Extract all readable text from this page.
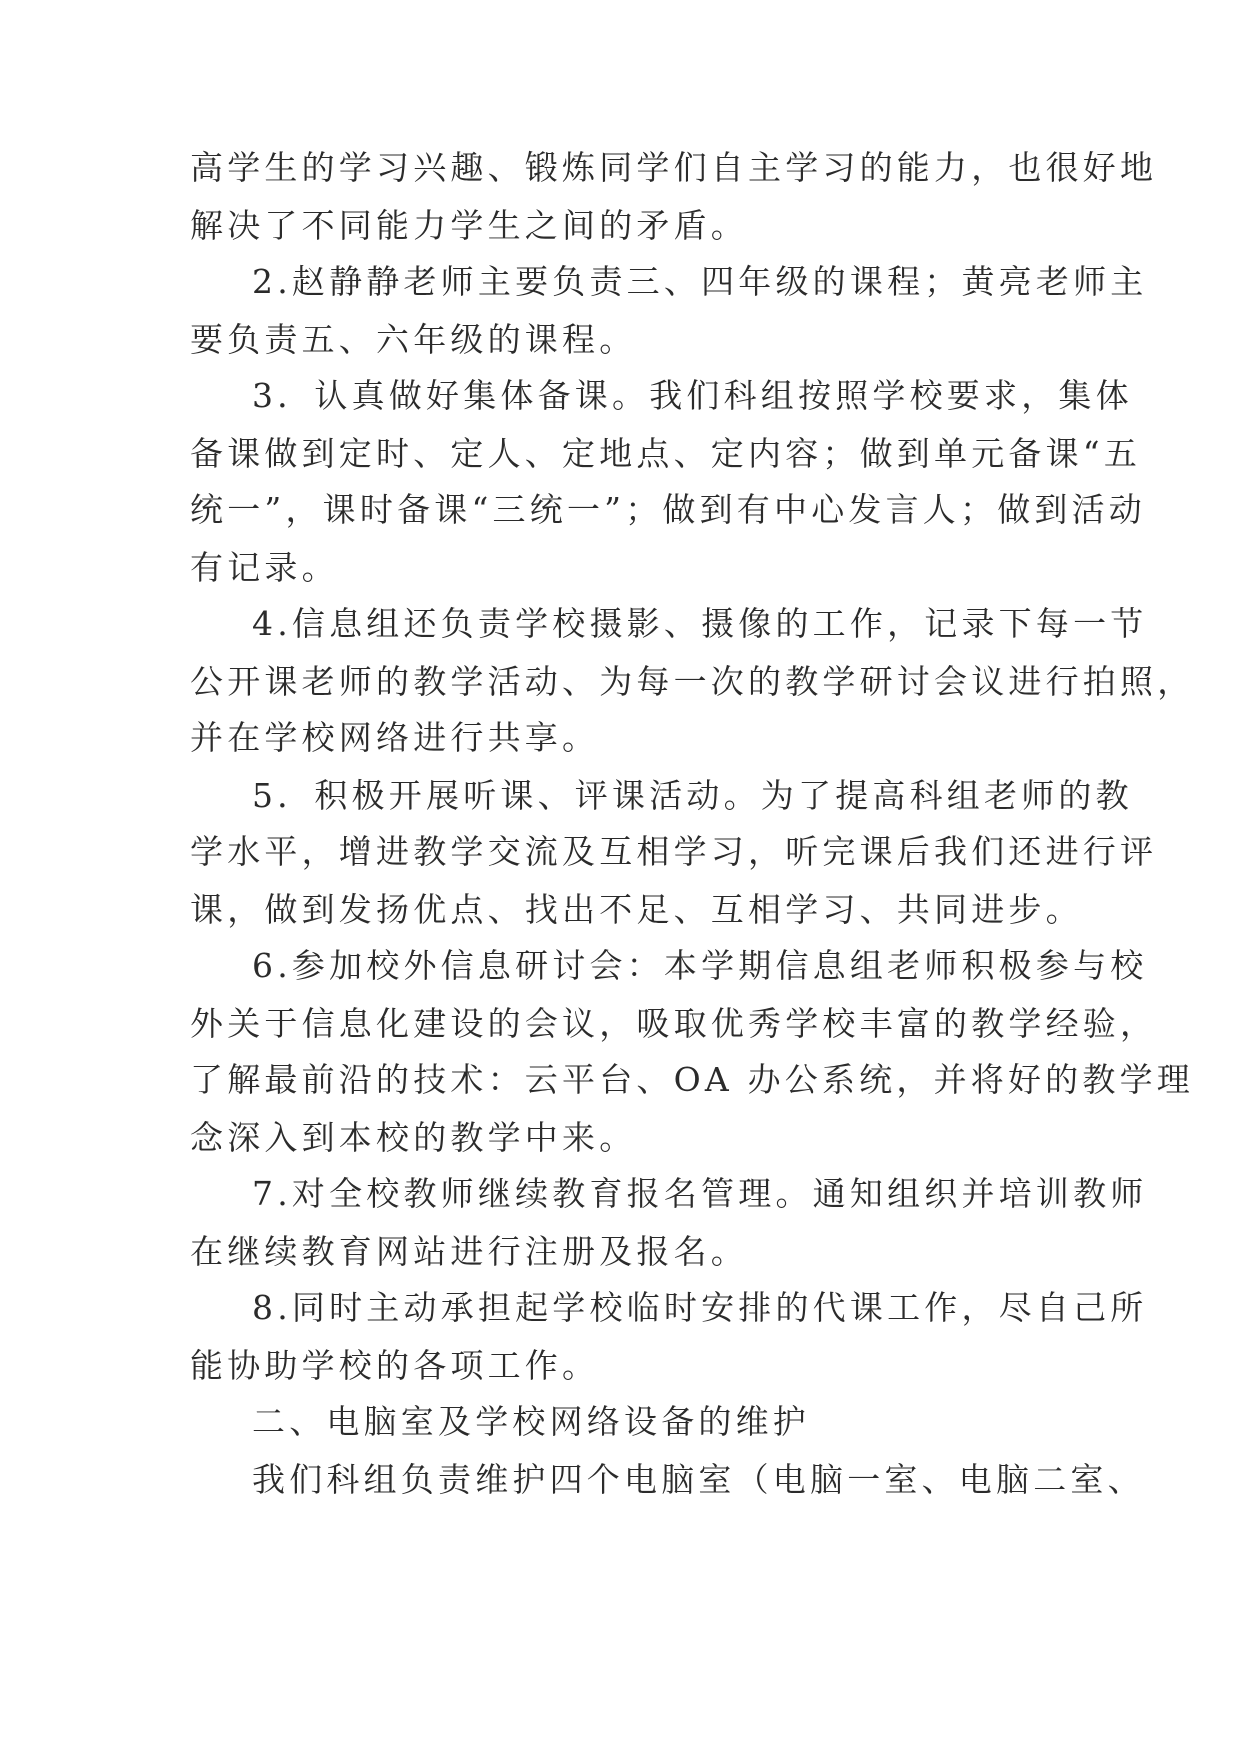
高学生的学习兴趣、锻炼同学们自主学习的能力，也很好地
解决了不同能力学生之间的矛盾。
2.赵静静老师主要负责三、四年级的课程；黄亮老师主
要负责五、六年级的课程。
3．认真做好集体备课。我们科组按照学校要求，集体
备课做到定时、定人、定地点、定内容；做到单元备课“五
统一”，课时备课“三统一”；做到有中心发言人；做到活动
有记录。
4.信息组还负责学校摄影、摄像的工作，记录下每一节
公开课老师的教学活动、为每一次的教学研讨会议进行拍照，
并在学校网络进行共享。
5．积极开展听课、评课活动。为了提高科组老师的教
学水平，增进教学交流及互相学习，听完课后我们还进行评
课，做到发扬优点、找出不足、互相学习、共同进步。
6.参加校外信息研讨会：本学期信息组老师积极参与校
外关于信息化建设的会议，吸取优秀学校丰富的教学经验，
了解最前沿的技术：云平台、OA 办公系统，并将好的教学理
念深入到本校的教学中来。
7.对全校教师继续教育报名管理。通知组织并培训教师
在继续教育网站进行注册及报名。
8.同时主动承担起学校临时安排的代课工作，尽自己所
能协助学校的各项工作。
二、电脑室及学校网络设备的维护
我们科组负责维护四个电脑室（电脑一室、电脑二室、
